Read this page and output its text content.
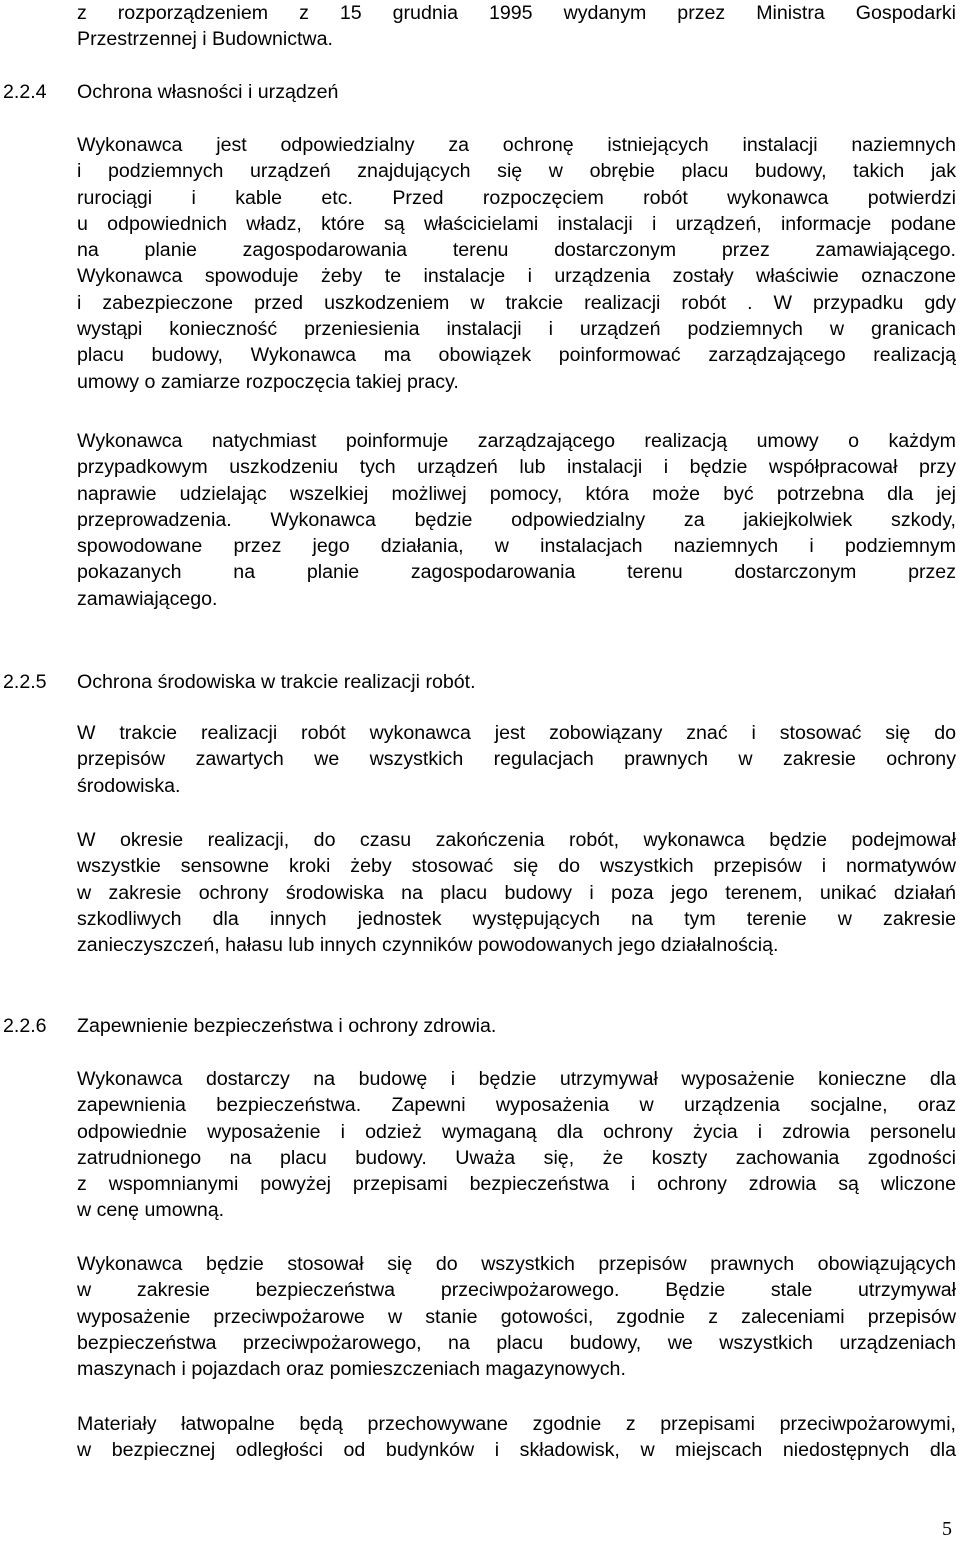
z rozporządzeniem z 15 grudnia 1995 wydanym przez Ministra Gospodarki
Przestrzennej i Budownictwa.

2.2.4 Ochrona własności i urządzeń

Wykonawca jest odpowiedzialny za ochronę istniejących instalacji naziemnych
i podziemnych urządzeń znajdujących się w obrębie placu budowy, takich jak
rurociągi i kable etc. Przed rozpoczęciem robót wykonawca potwierdzi
u odpowiednich władz, które są właścicielami instalacji i urządzeń, informacje podane
na planie zagospodarowania terenu dostarczonym przez zamawiającego.
Wykonawca spowoduje żeby te instalacje i urządzenia zostały właściwie oznaczone
i zabezpieczone przed uszkodzeniem w trakcie realizacji robót . W przypadku gdy
wystąpi konieczność przeniesienia instalacji i urządzeń podziemnych w granicach
placu budowy, Wykonawca ma obowiązek poinformować zarządzającego realizacją
umowy o zamiarze rozpoczęcia takiej pracy.

Wykonawca natychmiast poinformuje zarządzającego realizacją umowy o każdym
przypadkowym uszkodzeniu tych urządzeń lub instalacji i będzie współpracował przy
naprawie udzielając wszelkiej możliwej pomocy, która może być potrzebna dla jej
przeprowadzenia. Wykonawca będzie odpowiedzialny za jakiejkolwiek szkody,
spowodowane przez jego działania, w instalacjach naziemnych i podziemnym
pokazanych na planie zagospodarowania terenu dostarczonym przez
zamawiającego.

2.2.5 Ochrona środowiska w trakcie realizacji robót.

W trakcie realizacji robót wykonawca jest zobowiązany znać i stosować się do
przepisów zawartych we wszystkich regulacjach prawnych w zakresie ochrony
środowiska.

W okresie realizacji, do czasu zakończenia robót, wykonawca będzie podejmował
wszystkie sensowne kroki żeby stosować się do wszystkich przepisów i normatywów
w zakresie ochrony środowiska na placu budowy i poza jego terenem, unikać działań
szkodliwych dla innych jednostek występujących na tym terenie w zakresie
zanieczyszczeń, hałasu lub innych czynników powodowanych jego działalnością.

2.2.6 Zapewnienie bezpieczeństwa i ochrony zdrowia.

Wykonawca dostarczy na budowę i będzie utrzymywał wyposażenie konieczne dla
zapewnienia bezpieczeństwa. Zapewni wyposażenia w urządzenia socjalne, oraz
odpowiednie wyposażenie i odzież wymaganą dla ochrony życia i zdrowia personelu
zatrudnionego na placu budowy. Uważa się, że koszty zachowania zgodności
z wspomnianymi powyżej przepisami bezpieczeństwa i ochrony zdrowia są wliczone
w cenę umowną.

Wykonawca będzie stosował się do wszystkich przepisów prawnych obowiązujących
w zakresie bezpieczeństwa przeciwpożarowego. Będzie stale utrzymywał
wyposażenie przeciwpożarowe w stanie gotowości, zgodnie z zaleceniami przepisów
bezpieczeństwa przeciwpożarowego, na placu budowy, we wszystkich urządzeniach
maszynach i pojazdach oraz pomieszczeniach magazynowych.

Materiały łatwopalne będą przechowywane zgodnie z przepisami przeciwpożarowymi,
w bezpiecznej odległości od budynków i składowisk, w miejscach niedostępnych dla

5
